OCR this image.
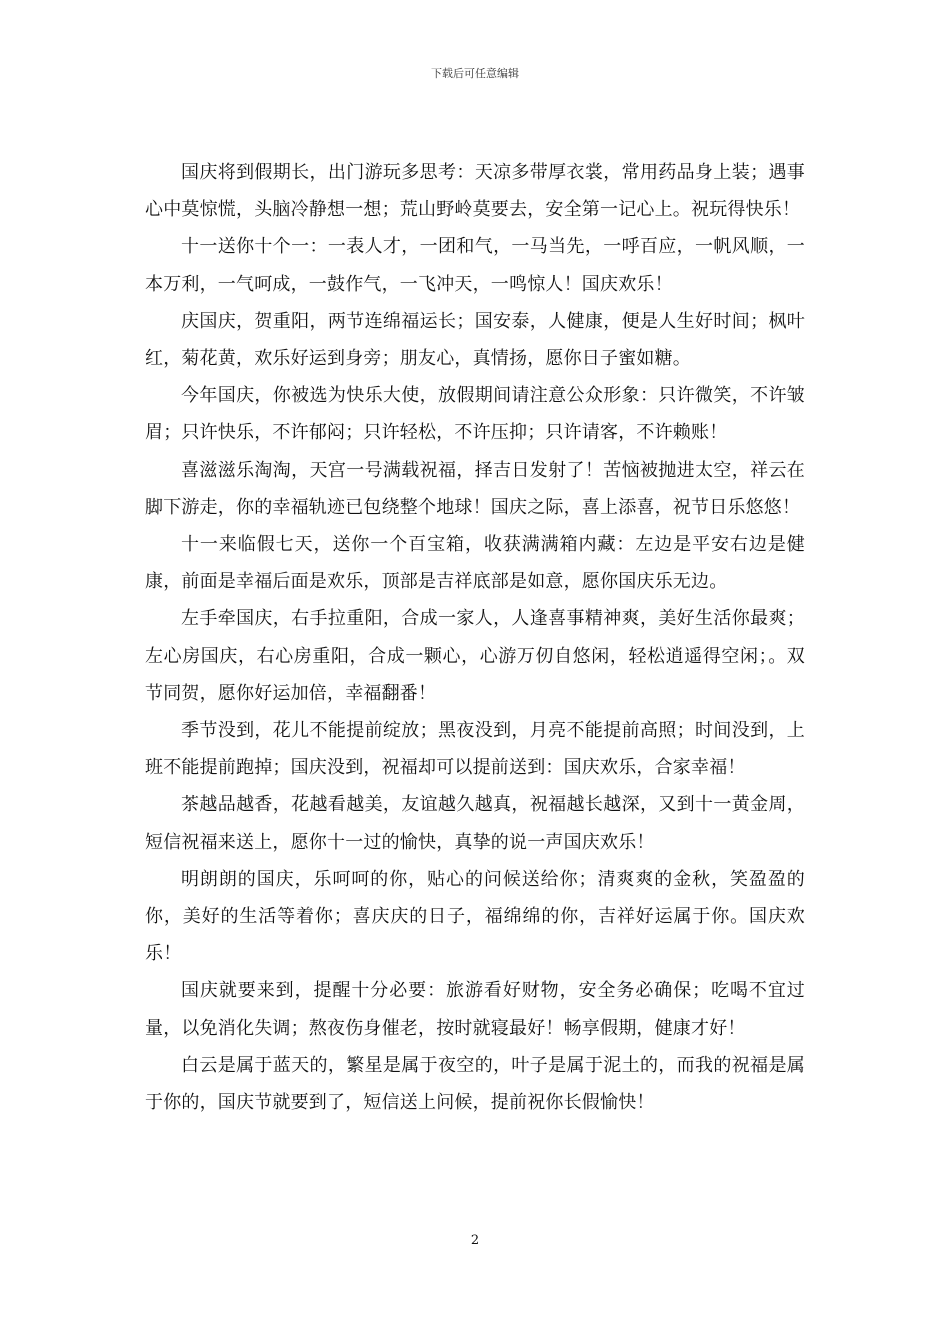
下载后可任意编辑

国庆将到假期长，出门游玩多思考：天凉多带厚衣裳，常用药品身上装；遇事心中莫惊慌，头脑冷静想一想；荒山野岭莫要去，安全第一记心上。祝玩得快乐！

十一送你十个一：一表人才，一团和气，一马当先，一呼百应，一帆风顺，一本万利，一气呵成，一鼓作气，一飞冲天，一鸣惊人！国庆欢乐！

庆国庆，贺重阳，两节连绵福运长；国安泰，人健康，便是人生好时间；枫叶红，菊花黄，欢乐好运到身旁；朋友心，真情扬，愿你日子蜜如糖。

今年国庆，你被选为快乐大使，放假期间请注意公众形象：只许微笑，不许皱眉；只许快乐，不许郁闷；只许轻松，不许压抑；只许请客，不许赖账！

喜滋滋乐淘淘，天宫一号满载祝福，择吉日发射了！苦恼被抛进太空，祥云在脚下游走，你的幸福轨迹已包绕整个地球！国庆之际，喜上添喜，祝节日乐悠悠！

十一来临假七天，送你一个百宝箱，收获满满箱内藏：左边是平安右边是健康，前面是幸福后面是欢乐，顶部是吉祥底部是如意，愿你国庆乐无边。

左手牵国庆，右手拉重阳，合成一家人，人逢喜事精神爽，美好生活你最爽；左心房国庆，右心房重阳，合成一颗心，心游万仞自悠闲，轻松逍遥得空闲；。双节同贺，愿你好运加倍，幸福翻番！

季节没到，花儿不能提前绽放；黑夜没到，月亮不能提前高照；时间没到，上班不能提前跑掉；国庆没到，祝福却可以提前送到：国庆欢乐，合家幸福！

茶越品越香，花越看越美，友谊越久越真，祝福越长越深，又到十一黄金周，短信祝福来送上，愿你十一过的愉快，真挚的说一声国庆欢乐！

明朗朗的国庆，乐呵呵的你，贴心的问候送给你；清爽爽的金秋，笑盈盈的你，美好的生活等着你；喜庆庆的日子，福绵绵的你，吉祥好运属于你。国庆欢乐！

国庆就要来到，提醒十分必要：旅游看好财物，安全务必确保；吃喝不宜过量，以免消化失调；熬夜伤身催老，按时就寝最好！畅享假期，健康才好！

白云是属于蓝天的，繁星是属于夜空的，叶子是属于泥土的，而我的祝福是属于你的，国庆节就要到了，短信送上问候，提前祝你长假愉快！

2
